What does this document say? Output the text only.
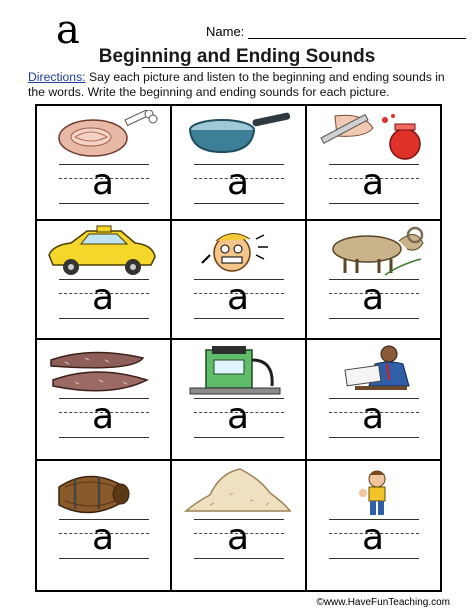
a	Name:
Beginning and Ending Sounds
Directions: Say each picture and listen to the beginning and ending sounds in the words. Write the beginning and ending sounds for each picture.
a	a	a
a	a	a
a	a	a
a	a	a
©www.HaveFunTeaching.com
